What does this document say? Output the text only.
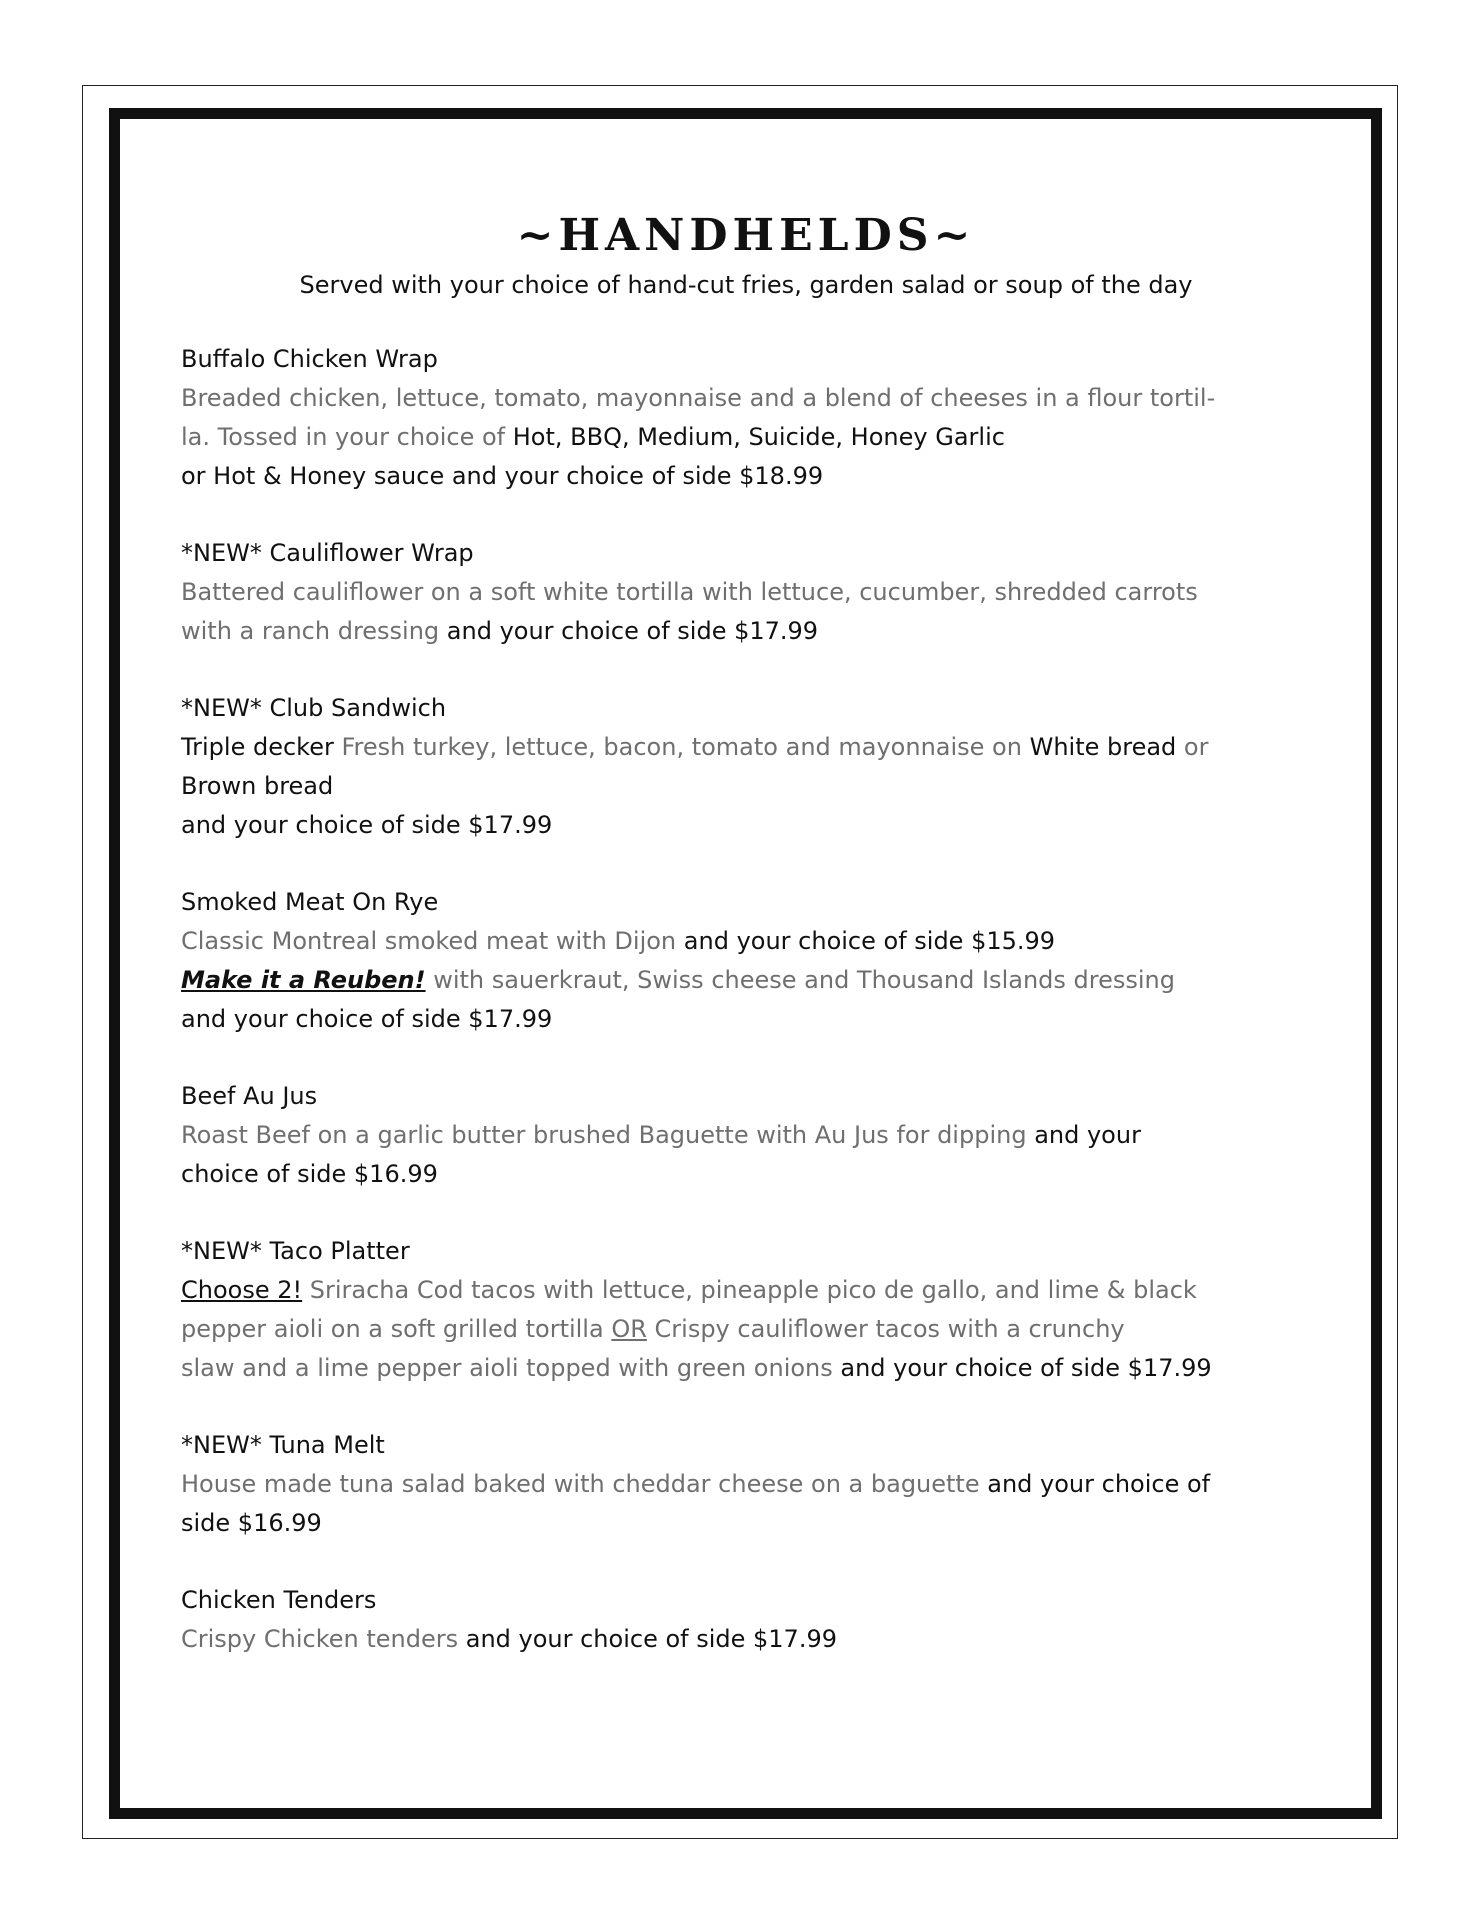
~HANDHELDS~

Served with your choice of hand-cut fries, garden salad or soup of the day

Buffalo Chicken Wrap

Breaded chicken, lettuce, tomato, mayonnaise and a blend of cheeses in a flour tortil-
la. Tossed in your choice of Hot, BBQ, Medium, Suicide, Honey Garlic
or Hot & Honey sauce and your choice of side $18.99

*NEW* Cauliflower Wrap

Battered cauliflower on a soft white tortilla with lettuce, cucumber, shredded carrots
with a ranch dressing and your choice of side $17.99

*NEW* Club Sandwich

Triple decker Fresh turkey, lettuce, bacon, tomato and mayonnaise on White bread or
Brown bread
and your choice of side $17.99

Smoked Meat On Rye

Classic Montreal smoked meat with Dijon and your choice of side $15.99
Make it a Reuben! with sauerkraut, Swiss cheese and Thousand Islands dressing
and your choice of side $17.99

Beef Au Jus

Roast Beef on a garlic butter brushed Baguette with Au Jus for dipping and your
choice of side $16.99

*NEW* Taco Platter

Choose 2! Sriracha Cod tacos with lettuce, pineapple pico de gallo, and lime & black
pepper aioli on a soft grilled tortilla OR Crispy cauliflower tacos with a crunchy
slaw and a lime pepper aioli topped with green onions and your choice of side $17.99

*NEW* Tuna Melt

House made tuna salad baked with cheddar cheese on a baguette and your choice of
side $16.99

Chicken Tenders

Crispy Chicken tenders and your choice of side $17.99
